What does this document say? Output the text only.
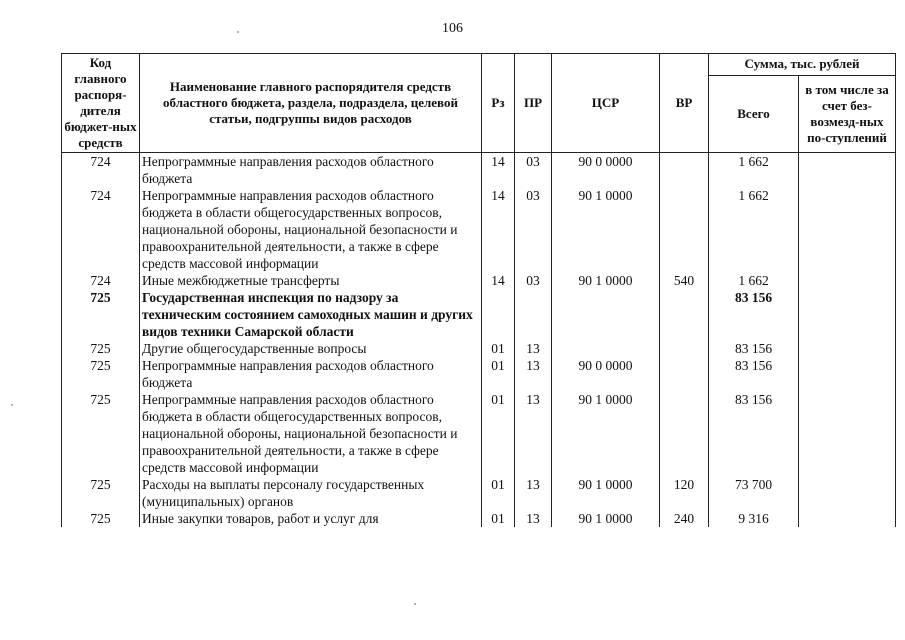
106
Код главного распоря-дителя бюджет-ных средств	Наименование главного распорядителя средств областного бюджета, раздела, подраздела, целевой статьи, подгруппы видов расходов	Рз	ПР	ЦСР	ВР	Сумма, тыс. рублей	
						Всего	в том числе за счет без-возмезд-ных по-ступлений
724	Непрограммные направления расходов областного бюджета	14	03	90 0 0000		1 662	
724	Непрограммные направления расходов областного бюджета в области общегосударственных вопросов, национальной обороны, национальной безопасности и правоохранительной деятельности, а также в сфере средств массовой информации	14	03	90 1 0000		1 662	
724	Иные межбюджетные трансферты	14	03	90 1 0000	540	1 662	
725	Государственная инспекция по надзору за техническим состоянием самоходных машин и других видов техники Самарской области					83 156	
725	Другие общегосударственные вопросы	01	13			83 156	
725	Непрограммные направления расходов областного бюджета	01	13	90 0 0000		83 156	
725	Непрограммные направления расходов областного бюджета в области общегосударственных вопросов, национальной обороны, национальной безопасности и правоохранительной деятельности, а также в сфере средств массовой информации	01	13	90 1 0000		83 156	
725	Расходы на выплаты персоналу государственных (муниципальных) органов	01	13	90 1 0000	120	73 700	
725	Иные закупки товаров, работ и услуг для	01	13	90 1 0000	240	9 316	
